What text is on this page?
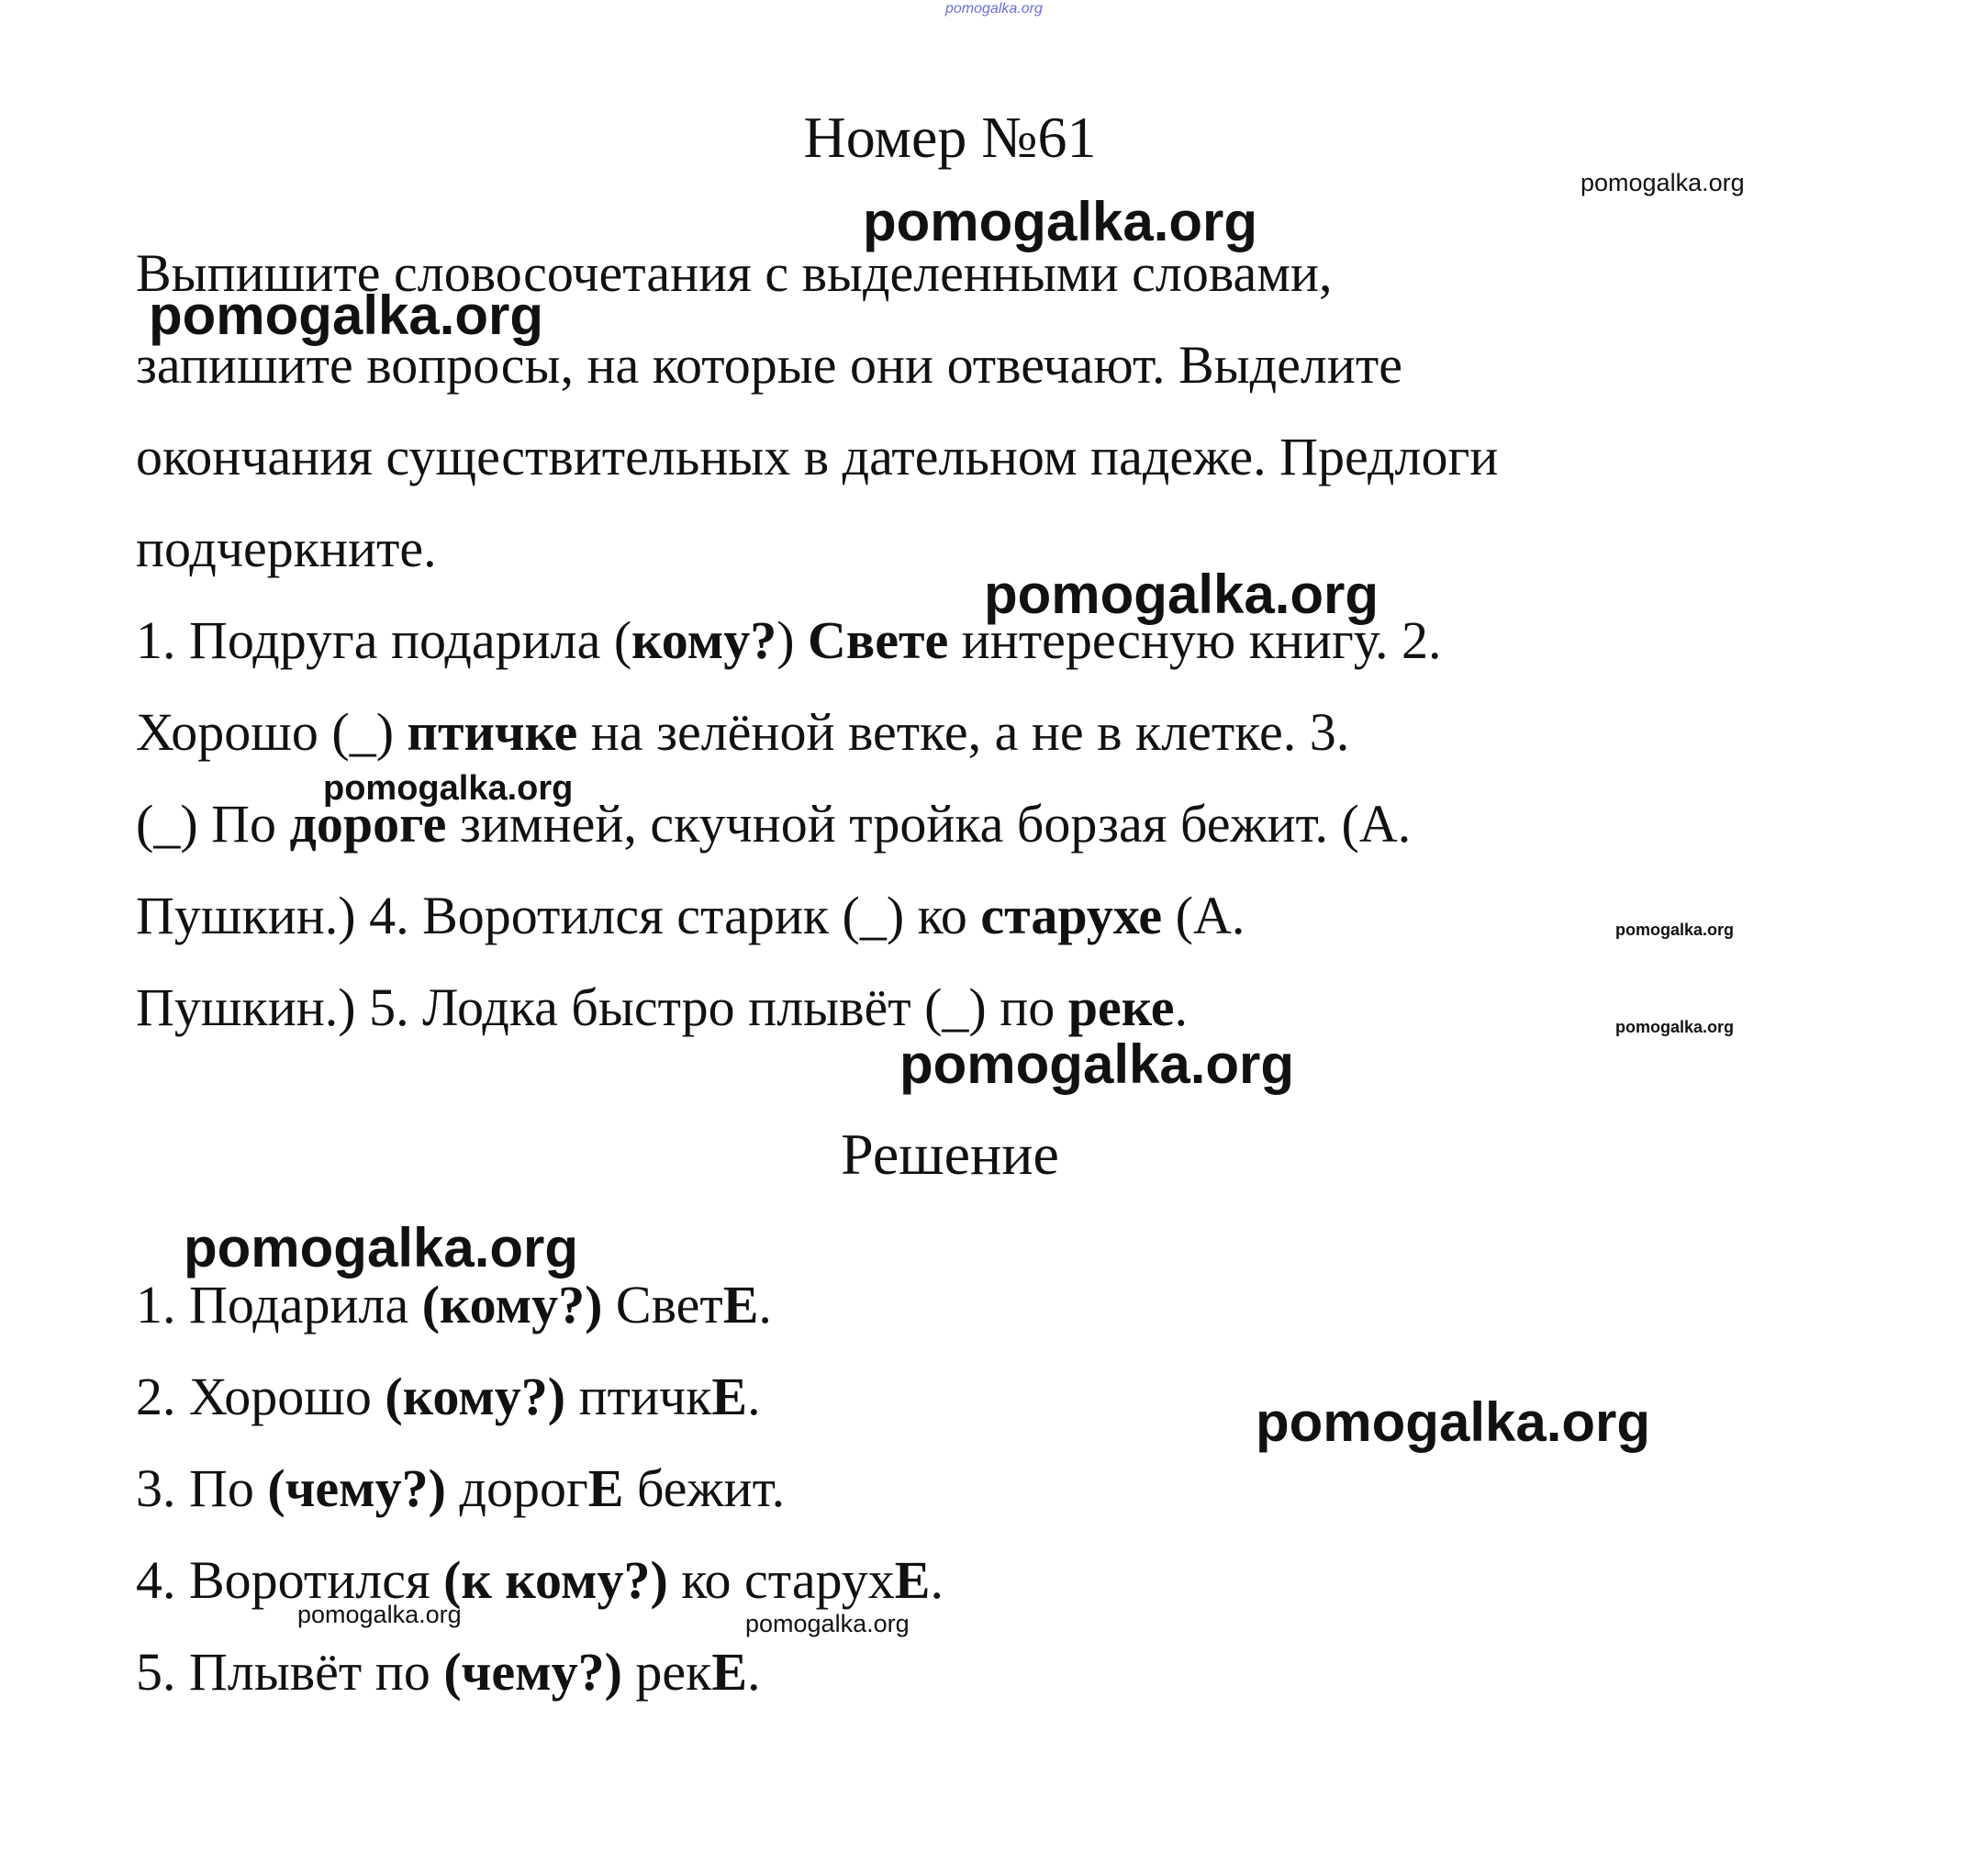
pomogalka.org
Номер №61
Выпишите словосочетания с выделенными словами,
запишите вопросы, на которые они отвечают. Выделите
окончания существительных в дательном падеже. Предлоги
подчеркните.
1. Подруга подарила (кому?) Свете интересную книгу. 2.
Хорошо (_) птичке на зелёной ветке, а не в клетке. 3.
(_) По дороге зимней, скучной тройка борзая бежит. (А.
Пушкин.) 4. Воротился старик (_) ко старухе (А.
Пушкин.) 5. Лодка быстро плывёт (_) по реке.
Решение
1. Подарила (кому?) СветЕ.
2. Хорошо (кому?) птичкЕ.
3. По (чему?) дорогЕ бежит.
4. Воротился (к кому?) ко старухЕ.
5. Плывёт по (чему?) рекЕ.
pomogalka.org
pomogalka.org
pomogalka.org
pomogalka.org
pomogalka.org
pomogalka.org
pomogalka.org
pomogalka.org
pomogalka.org
pomogalka.org
pomogalka.org	pomogalka.org
